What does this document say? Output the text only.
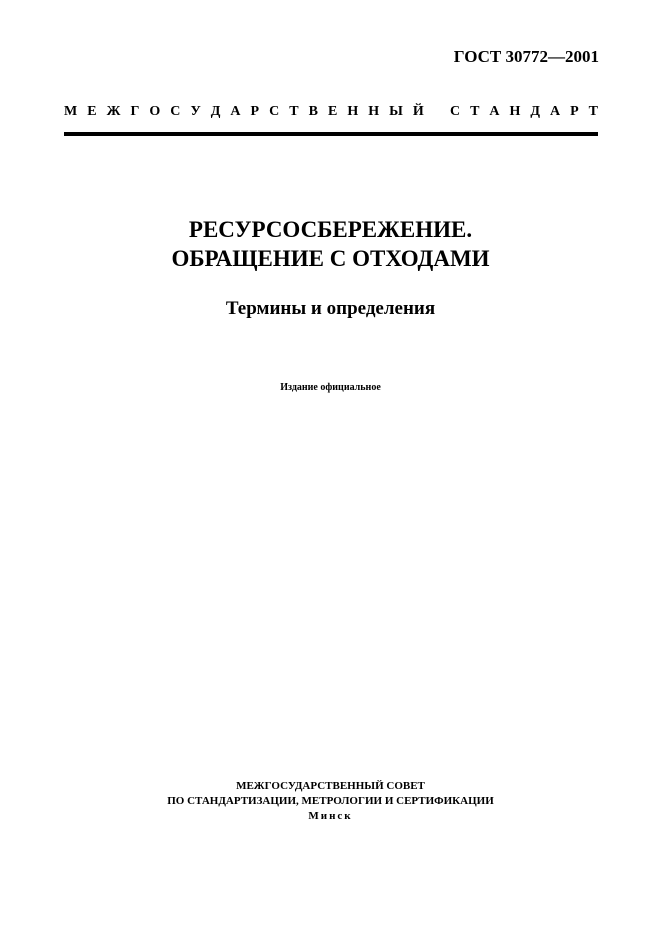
ГОСТ 30772—2001
М Е Ж Г О С У Д А Р С Т В Е Н Н Ы Й С Т А Н Д А Р Т
РЕСУРСОСБЕРЕЖЕНИЕ.
ОБРАЩЕНИЕ С ОТХОДАМИ
Термины и определения
Издание официальное
МЕЖГОСУДАРСТВЕННЫЙ СОВЕТ
ПО СТАНДАРТИЗАЦИИ, МЕТРОЛОГИИ И СЕРТИФИКАЦИИ
Минск
